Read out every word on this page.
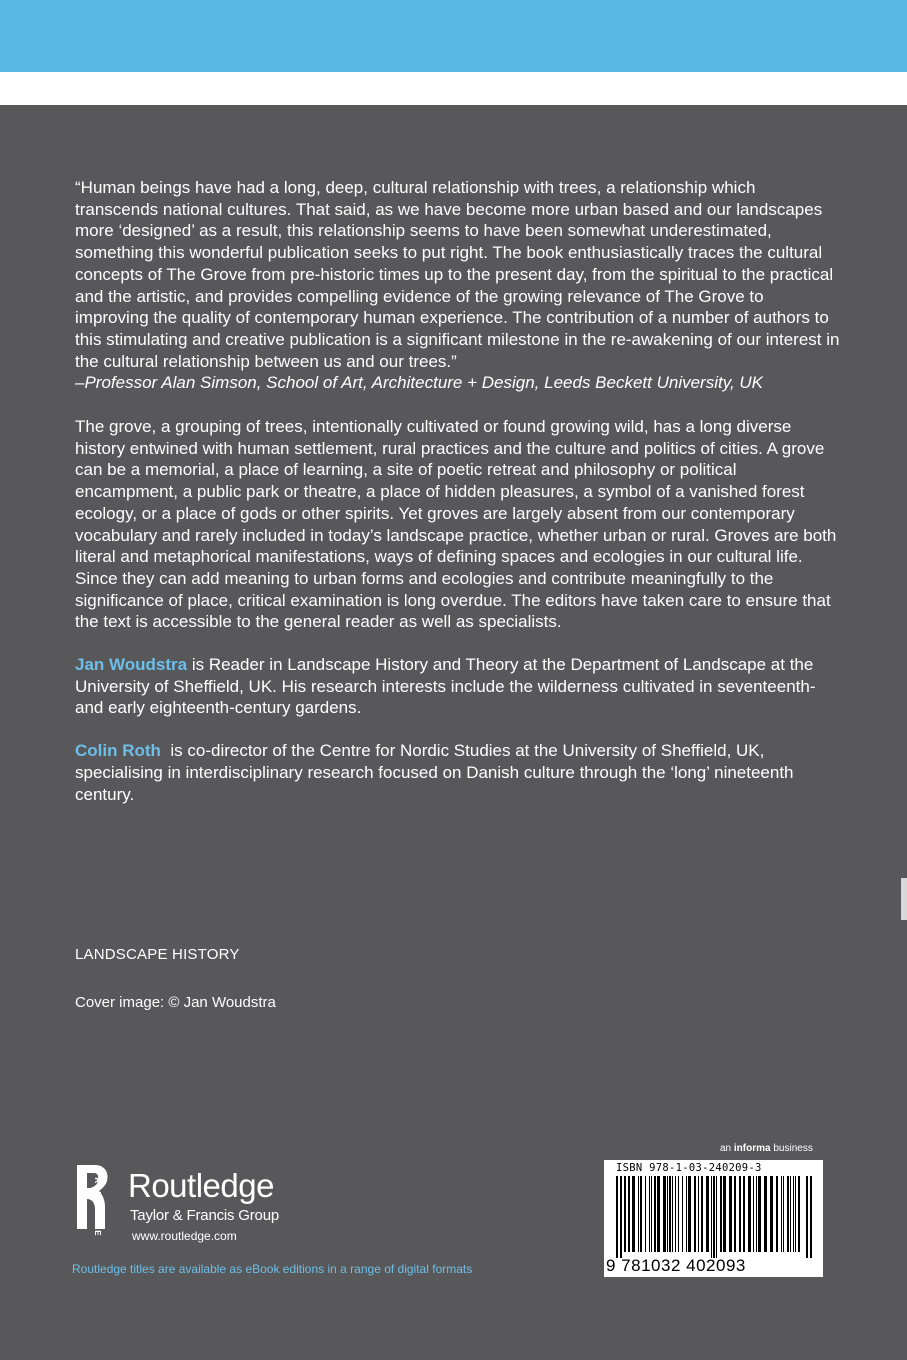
“Human beings have had a long, deep, cultural relationship with trees, a relationship which transcends national cultures. That said, as we have become more urban based and our landscapes more ‘designed’ as a result, this relationship seems to have been somewhat underestimated, something this wonderful publication seeks to put right. The book enthusiastically traces the cultural concepts of The Grove from pre-historic times up to the present day, from the spiritual to the practical and the artistic, and provides compelling evidence of the growing relevance of The Grove to improving the quality of contemporary human experience. The contribution of a number of authors to this stimulating and creative publication is a significant milestone in the re-awakening of our interest in the cultural relationship between us and our trees.”

–Professor Alan Simson, School of Art, Architecture + Design, Leeds Beckett University, UK

The grove, a grouping of trees, intentionally cultivated or found growing wild, has a long diverse history entwined with human settlement, rural practices and the culture and politics of cities. A grove can be a memorial, a place of learning, a site of poetic retreat and philosophy or political encampment, a public park or theatre, a place of hidden pleasures, a symbol of a vanished forest ecology, or a place of gods or other spirits. Yet groves are largely absent from our contemporary vocabulary and rarely included in today’s landscape practice, whether urban or rural. Groves are both literal and metaphorical manifestations, ways of defining spaces and ecologies in our cultural life. Since they can add meaning to urban forms and ecologies and contribute meaningfully to the significance of place, critical examination is long overdue. The editors have taken care to ensure that the text is accessible to the general reader as well as specialists.

Jan Woudstra is Reader in Landscape History and Theory at the Department of Landscape at the University of Sheffield, UK. His research interests include the wilderness cultivated in seventeenth- and early eighteenth-century gardens.

Colin Roth  is co-director of the Centre for Nordic Studies at the University of Sheffield, UK, specialising in interdisciplinary research focused on Danish culture through the ‘long’ nineteenth century.

LANDSCAPE HISTORY
Cover image: © Jan Woudstra
ROUTLEDGE Routledge
Taylor & Francis Group
www.routledge.com
Routledge titles are available as eBook editions in a range of digital formats
an informa business
ISBN 978-1-03-240209-3
9 781032 402093
